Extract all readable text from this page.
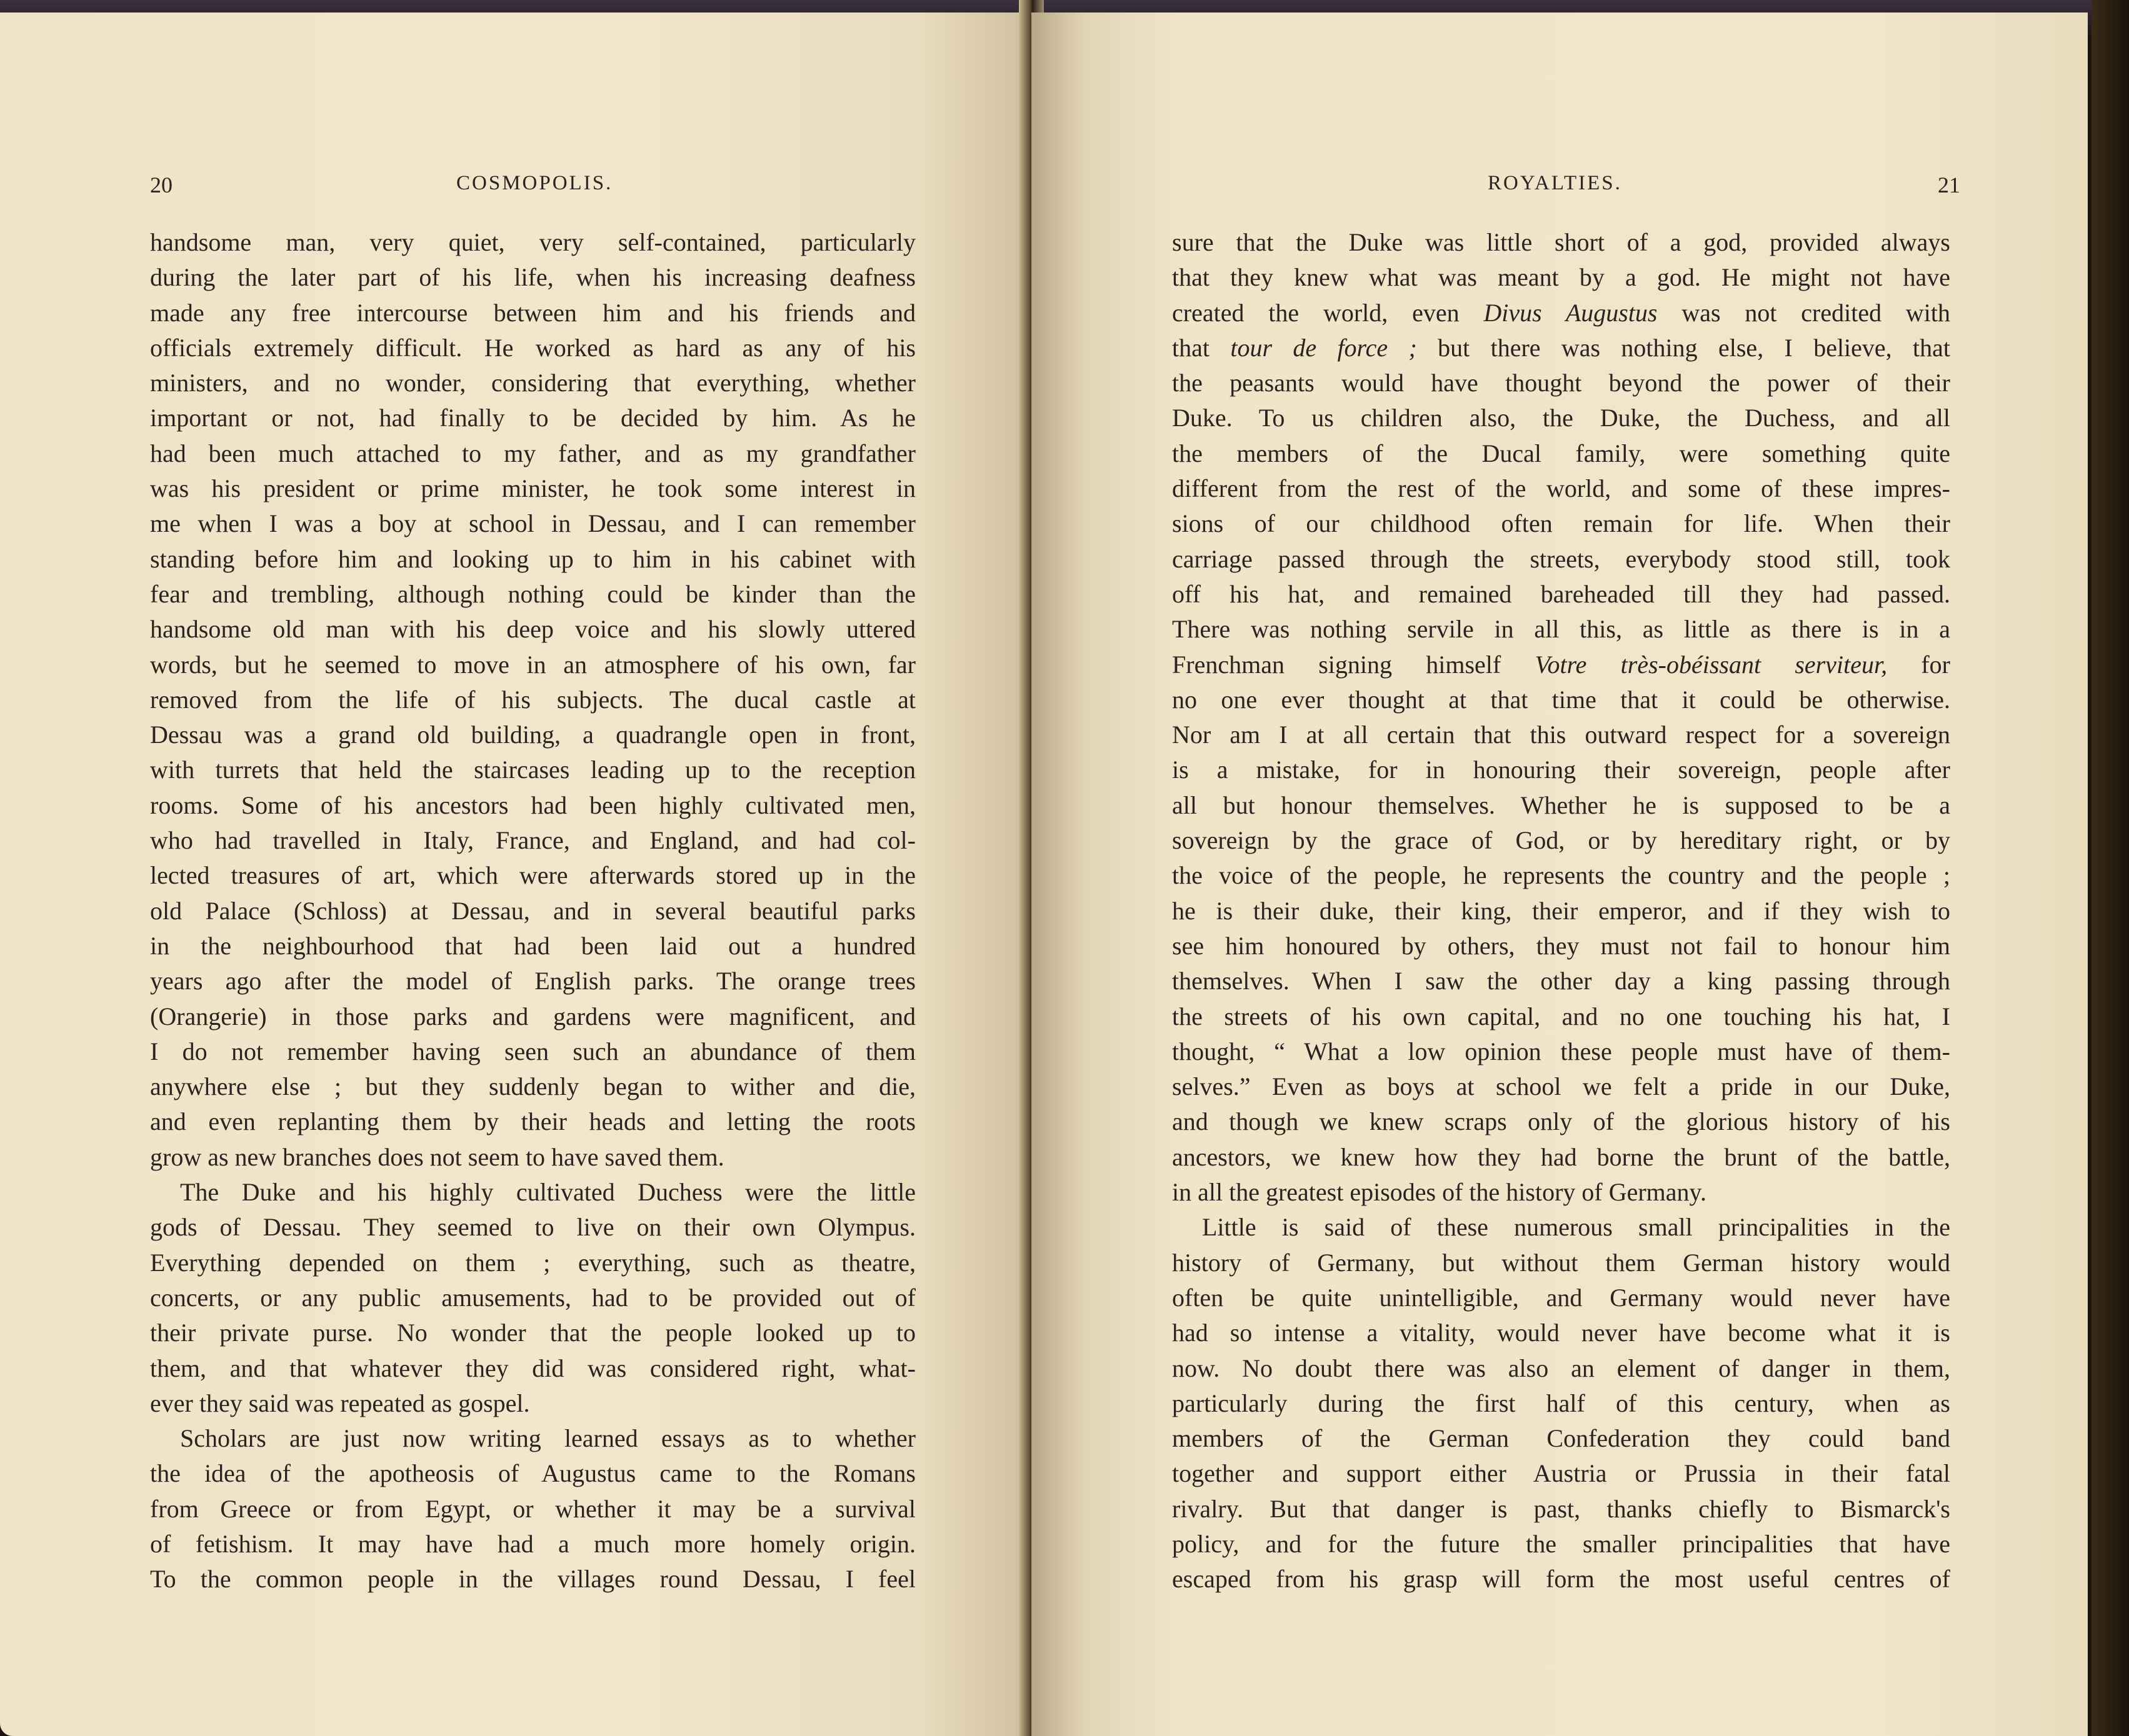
20	COSMOPOLIS.
handsome man, very quiet, very self-contained, particularly
during the later part of his life, when his increasing deafness
made any free intercourse between him and his friends and
officials extremely difficult. He worked as hard as any of his
ministers, and no wonder, considering that everything, whether
important or not, had finally to be decided by him. As he
had been much attached to my father, and as my grandfather
was his president or prime minister, he took some interest in
me when I was a boy at school in Dessau, and I can remember
standing before him and looking up to him in his cabinet with
fear and trembling, although nothing could be kinder than the
handsome old man with his deep voice and his slowly uttered
words, but he seemed to move in an atmosphere of his own, far
removed from the life of his subjects. The ducal castle at
Dessau was a grand old building, a quadrangle open in front,
with turrets that held the staircases leading up to the reception
rooms. Some of his ancestors had been highly cultivated men,
who had travelled in Italy, France, and England, and had col-
lected treasures of art, which were afterwards stored up in the
old Palace (Schloss) at Dessau, and in several beautiful parks
in the neighbourhood that had been laid out a hundred
years ago after the model of English parks. The orange trees
(Orangerie) in those parks and gardens were magnificent, and
I do not remember having seen such an abundance of them
anywhere else ; but they suddenly began to wither and die,
and even replanting them by their heads and letting the roots
grow as new branches does not seem to have saved them.
The Duke and his highly cultivated Duchess were the little
gods of Dessau. They seemed to live on their own Olympus.
Everything depended on them ; everything, such as theatre,
concerts, or any public amusements, had to be provided out of
their private purse. No wonder that the people looked up to
them, and that whatever they did was considered right, what-
ever they said was repeated as gospel.
Scholars are just now writing learned essays as to whether
the idea of the apotheosis of Augustus came to the Romans
from Greece or from Egypt, or whether it may be a survival
of fetishism. It may have had a much more homely origin.
To the common people in the villages round Dessau, I feel
ROYALTIES.	21
sure that the Duke was little short of a god, provided always
that they knew what was meant by a god. He might not have
created the world, even Divus Augustus was not credited with
that tour de force ; but there was nothing else, I believe, that
the peasants would have thought beyond the power of their
Duke. To us children also, the Duke, the Duchess, and all
the members of the Ducal family, were something quite
different from the rest of the world, and some of these impres-
sions of our childhood often remain for life. When their
carriage passed through the streets, everybody stood still, took
off his hat, and remained bareheaded till they had passed.
There was nothing servile in all this, as little as there is in a
Frenchman signing himself Votre très-obéissant serviteur, for
no one ever thought at that time that it could be otherwise.
Nor am I at all certain that this outward respect for a sovereign
is a mistake, for in honouring their sovereign, people after
all but honour themselves. Whether he is supposed to be a
sovereign by the grace of God, or by hereditary right, or by
the voice of the people, he represents the country and the people ;
he is their duke, their king, their emperor, and if they wish to
see him honoured by others, they must not fail to honour him
themselves. When I saw the other day a king passing through
the streets of his own capital, and no one touching his hat, I
thought, “ What a low opinion these people must have of them-
selves.” Even as boys at school we felt a pride in our Duke,
and though we knew scraps only of the glorious history of his
ancestors, we knew how they had borne the brunt of the battle,
in all the greatest episodes of the history of Germany.
Little is said of these numerous small principalities in the
history of Germany, but without them German history would
often be quite unintelligible, and Germany would never have
had so intense a vitality, would never have become what it is
now. No doubt there was also an element of danger in them,
particularly during the first half of this century, when as
members of the German Confederation they could band
together and support either Austria or Prussia in their fatal
rivalry. But that danger is past, thanks chiefly to Bismarck's
policy, and for the future the smaller principalities that have
escaped from his grasp will form the most useful centres of
